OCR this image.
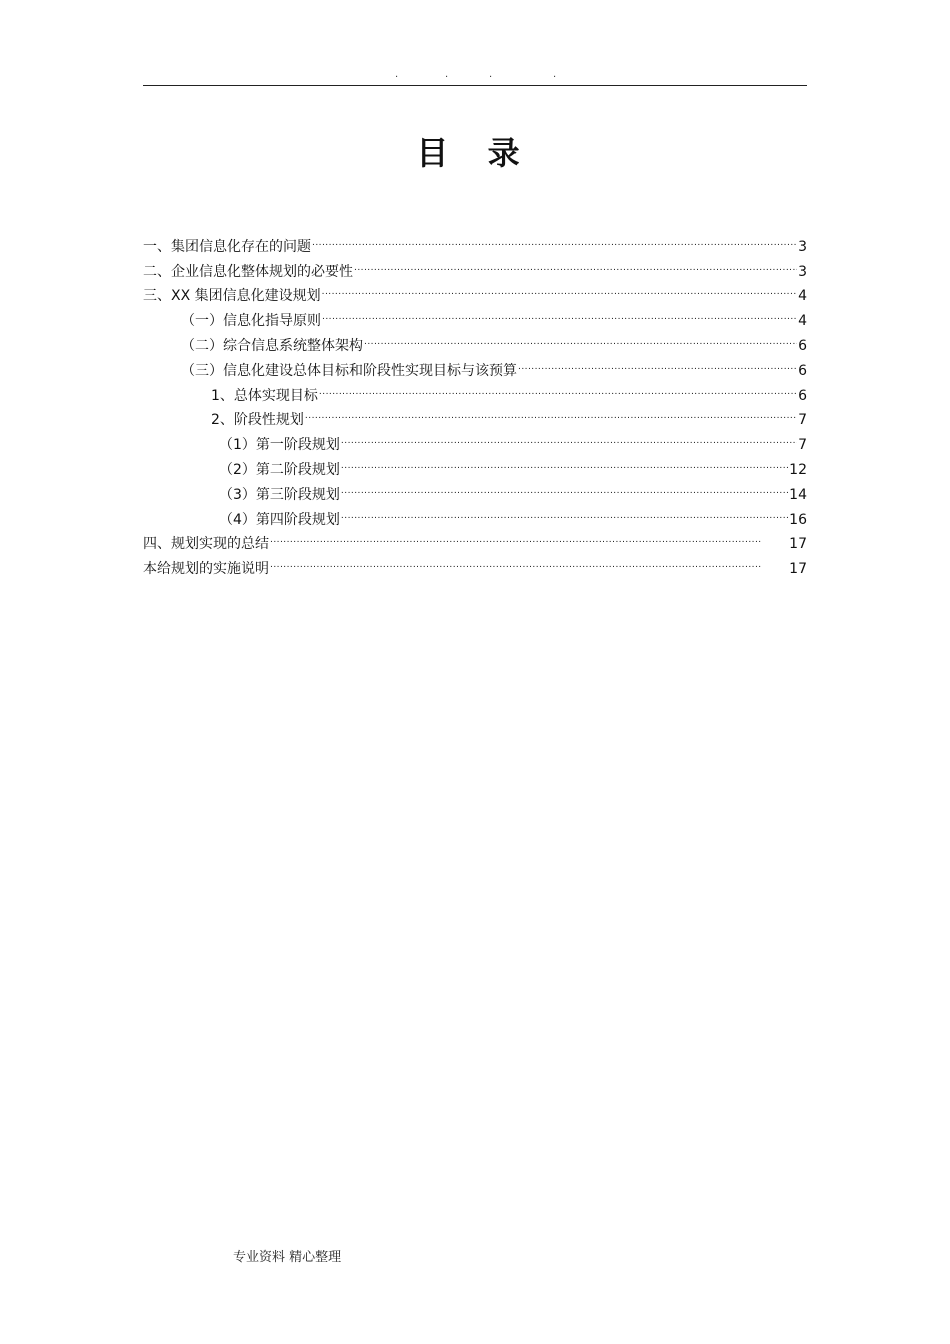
.	.	.	.
目 录
一、集团信息化存在的问题 . . .	3
二、企业信息化整体规划的必要性 . . .	3
三、XX 集团信息化建设规划 . . .	4
（一）信息化指导原则 . . .	4
（二）综合信息系统整体架构 . . .	6
（三）信息化建设总体目标和阶段性实现目标与该预算 . . .	6
1、总体实现目标 . . .	6
2、阶段性规划 . . .	7
（1）第一阶段规划 . . .	7
（2）第二阶段规划 . . .	12
（3）第三阶段规划 . . .	14
（4）第四阶段规划 . . .	16
四、规划实现的总结 . . .	17
本给规划的实施说明 . . .	17
专业资料 精心整理
